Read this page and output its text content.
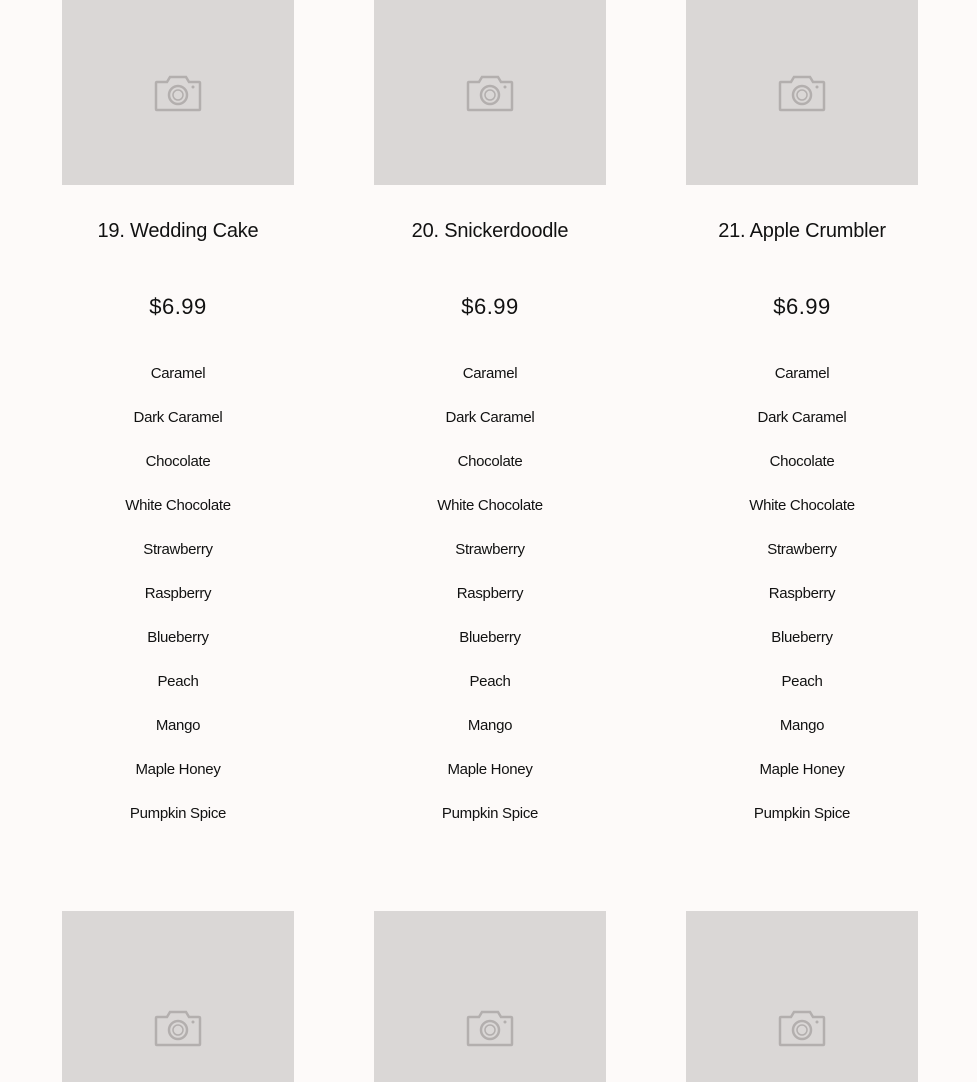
19. Wedding Cake
$6.99
Caramel
Dark Caramel
Chocolate
White Chocolate
Strawberry
Raspberry
Blueberry
Peach
Mango
Maple Honey
Pumpkin Spice
20. Snickerdoodle
$6.99
Caramel
Dark Caramel
Chocolate
White Chocolate
Strawberry
Raspberry
Blueberry
Peach
Mango
Maple Honey
Pumpkin Spice
21. Apple Crumbler
$6.99
Caramel
Dark Caramel
Chocolate
White Chocolate
Strawberry
Raspberry
Blueberry
Peach
Mango
Maple Honey
Pumpkin Spice
